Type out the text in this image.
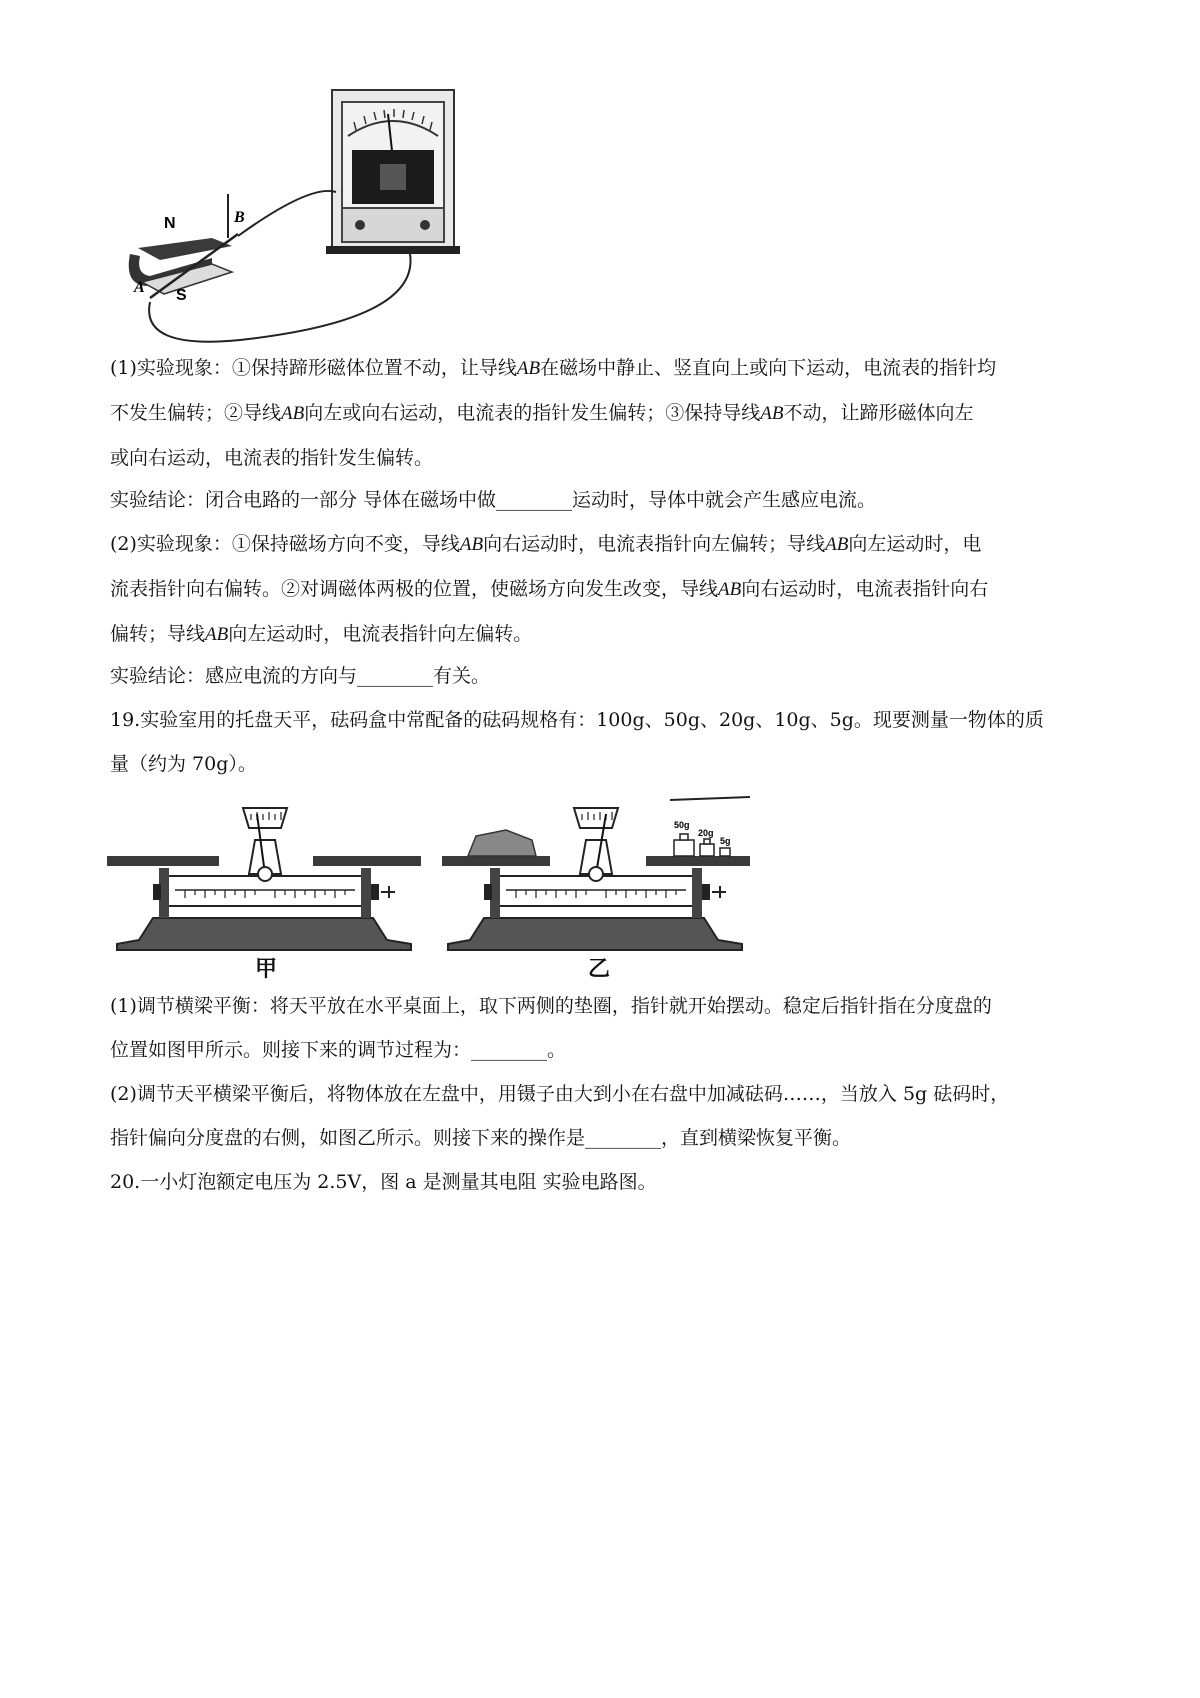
N	B
A S
(1)实验现象：①保持蹄形磁体位置不动，让导线AB在磁场中静止、竖直向上或向下运动，电流表的指针均
不发生偏转；②导线AB向左或向右运动，电流表的指针发生偏转；③保持导线AB不动，让蹄形磁体向左
或向右运动，电流表的指针发生偏转。
实验结论：闭合电路的一部分 导体在磁场中做________运动时，导体中就会产生感应电流。
(2)实验现象：①保持磁场方向不变，导线AB向右运动时，电流表指针向左偏转；导线AB向左运动时，电
流表指针向右偏转。②对调磁体两极的位置，使磁场方向发生改变，导线AB向右运动时，电流表指针向右
偏转；导线AB向左运动时，电流表指针向左偏转。
实验结论：感应电流的方向与________有关。
19.实验室用的托盘天平，砝码盒中常配备的砝码规格有：100g、50g、20g、10g、5g。现要测量一物体的质
量（约为 70g）。
甲
50g
20g
5g
乙
(1)调节横梁平衡：将天平放在水平桌面上，取下两侧的垫圈，指针就开始摆动。稳定后指针指在分度盘的
位置如图甲所示。则接下来的调节过程为：________。
(2)调节天平横梁平衡后，将物体放在左盘中，用镊子由大到小在右盘中加减砝码……，当放入 5g 砝码时，
指针偏向分度盘的右侧，如图乙所示。则接下来的操作是________，直到横梁恢复平衡。
20.一小灯泡额定电压为 2.5V，图 a 是测量其电阻 实验电路图。
